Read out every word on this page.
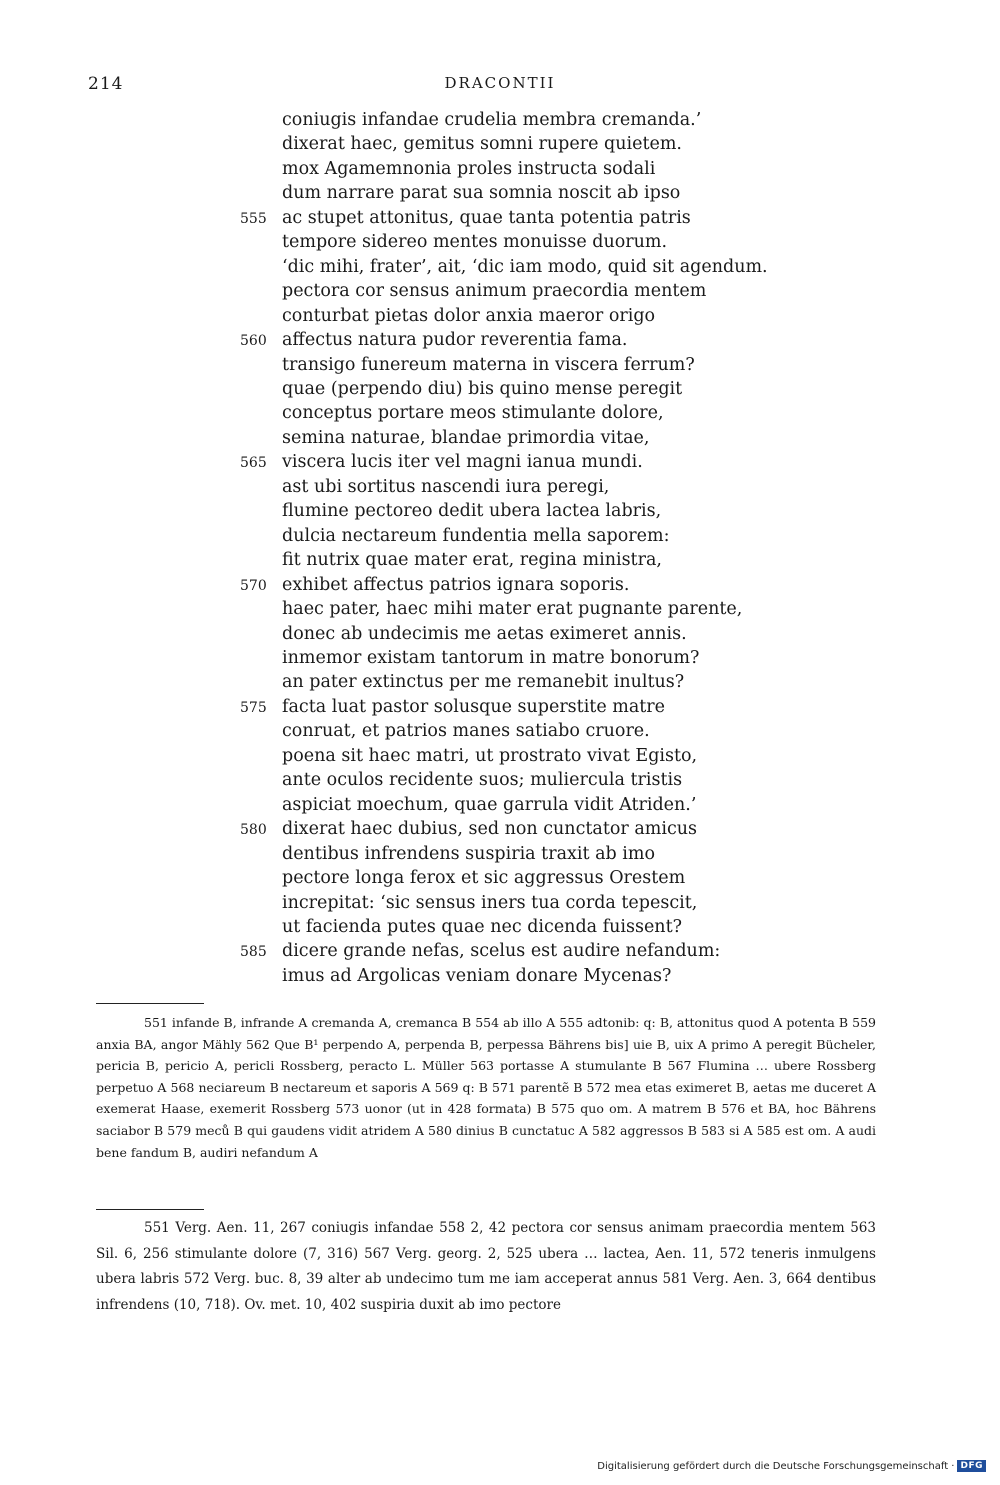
214	DRACONTII
coniugis infandae crudelia membra cremanda.’
dixerat haec, gemitus somni rupere quietem.
mox Agamemnonia proles instructa sodali
dum narrare parat sua somnia noscit ab ipso
555 ac stupet attonitus, quae tanta potentia patris
tempore sidereo mentes monuisse duorum.
‘dic mihi, frater’, ait, ‘dic iam modo, quid sit agendum.
pectora cor sensus animum praecordia mentem
conturbat pietas dolor anxia maeror origo
560 affectus natura pudor reverentia fama.
transigo funereum materna in viscera ferrum?
quae (perpendo diu) bis quino mense peregit
conceptus portare meos stimulante dolore,
semina naturae, blandae primordia vitae,
565 viscera lucis iter vel magni ianua mundi.
ast ubi sortitus nascendi iura peregi,
flumine pectoreo dedit ubera lactea labris,
dulcia nectareum fundentia mella saporem:
fit nutrix quae mater erat, regina ministra,
570 exhibet affectus patrios ignara soporis.
haec pater, haec mihi mater erat pugnante parente,
donec ab undecimis me aetas eximeret annis.
inmemor existam tantorum in matre bonorum?
an pater extinctus per me remanebit inultus?
575 facta luat pastor solusque superstite matre
conruat, et patrios manes satiabo cruore.
poena sit haec matri, ut prostrato vivat Egisto,
ante oculos recidente suos; muliercula tristis
aspiciat moechum, quae garrula vidit Atriden.’
580 dixerat haec dubius, sed non cunctator amicus
dentibus infrendens suspiria traxit ab imo
pectore longa ferox et sic aggressus Orestem
increpitat: ‘sic sensus iners tua corda tepescit,
ut facienda putes quae nec dicenda fuissent?
585 dicere grande nefas, scelus est audire nefandum:
imus ad Argolicas veniam donare Mycenas?

551 infande B, infrande A cremanda A, cremanca B 554 ab illo A 555 adtonib: q: B, attonitus quod A potenta B 559 anxia BA, angor Mähly 562 Que B¹ perpendo A, perpenda B, perpessa Bährens bis] uie B, uix A primo A peregit Bücheler, pericia B, pericio A, pericli Rossberg, peracto L. Müller 563 portasse A stumulante B 567 Flumina … ubere Rossberg perpetuo A 568 neciareum B nectareum et saporis A 569 q: B 571 parentẽ B 572 mea etas eximeret B, aetas me duceret A exemerat Haase, exemerit Rossberg 573 uonor (ut in 428 formata) B 575 quo om. A matrem B 576 et BA, hoc Bährens saciabor B 579 meců B qui gaudens vidit atridem A 580 dinius B cunctatuc A 582 aggressos B 583 si A 585 est om. A audi bene fandum B, audiri nefandum A

551 Verg. Aen. 11, 267 coniugis infandae 558 2, 42 pectora cor sensus animam praecordia mentem 563 Sil. 6, 256 stimulante dolore (7, 316) 567 Verg. georg. 2, 525 ubera … lactea, Aen. 11, 572 teneris inmulgens ubera labris 572 Verg. buc. 8, 39 alter ab undecimo tum me iam acceperat annus 581 Verg. Aen. 3, 664 dentibus infrendens (10, 718). Ov. met. 10, 402 suspiria duxit ab imo pectore

Digitalisierung gefördert durch die Deutsche Forschungsgemeinschaft · DFG
